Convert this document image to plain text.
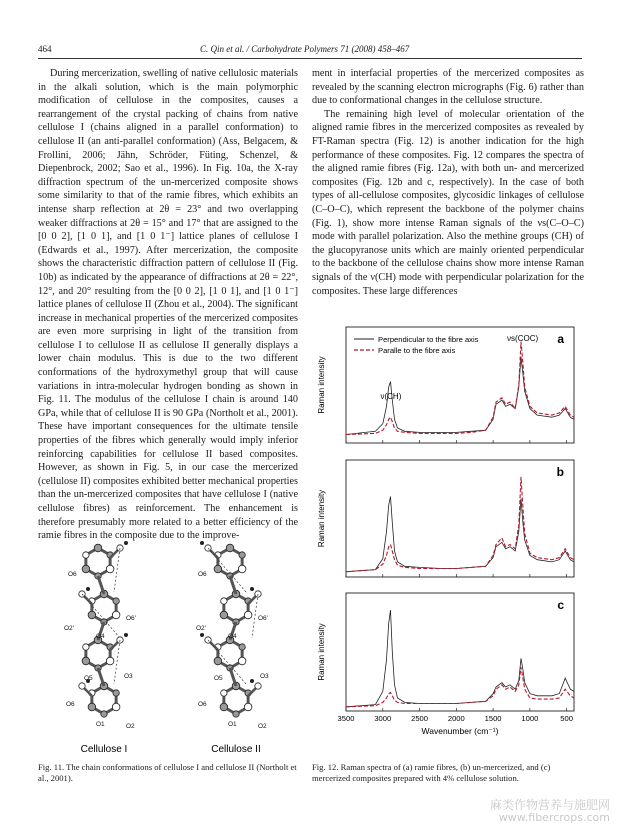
464	C. Qin et al. / Carbohydrate Polymers 71 (2008) 458–467

During mercerization, swelling of native cellulosic materials in the alkali solution, which is the main polymorphic modification of cellulose in the composites, causes a rearrangement of the crystal packing of chains from native cellulose I (chains aligned in a parallel conformation) to cellulose II (an anti-parallel conformation) (Ass, Belgacem, & Frollini, 2006; Jähn, Schröder, Füting, Schenzel, & Diepenbrock, 2002; Sao et al., 1996). In Fig. 10a, the X-ray diffraction spectrum of the un-mercerized composite shows some similarity to that of the ramie fibres, which exhibits an intense sharp reflection at 2θ = 23° and two overlapping weaker diffractions at 2θ = 15° and 17° that are assigned to the [0 0 2], [1 0 1], and [1 0 1⁻] lattice planes of cellulose I (Edwards et al., 1997). After mercerization, the composite shows the characteristic diffraction pattern of cellulose II (Fig. 10b) as indicated by the appearance of diffractions at 2θ = 22°, 12°, and 20° resulting from the [0 0 2], [1 0 1], and [1 0 1⁻] lattice planes of cellulose II (Zhou et al., 2004). The significant increase in mechanical properties of the mercerized composites are even more surprising in light of the transition from cellulose I to cellulose II as cellulose II generally displays a lower chain modulus. This is due to the two different conformations of the hydroxymethyl group that will cause variations in intra-molecular hydrogen bonding as shown in Fig. 11. The modulus of the cellulose I chain is around 140 GPa, while that of cellulose II is 90 GPa (Northolt et al., 2001). These have important consequences for the ultimate tensile properties of the fibres which generally would imply inferior reinforcing capabilities for cellulose II based composites. However, as shown in Fig. 5, in our case the mercerized (cellulose II) composites exhibited better mechanical properties than the un-mercerized composites that have cellulose I (native cellulose fibres) as reinforcement. The enhancement is therefore presumably more related to a better efficiency of the ramie fibres in the composite due to the improve-

ment in interfacial properties of the mercerized composites as revealed by the scanning electron micrographs (Fig. 6) rather than due to conformational changes in the cellulose structure.

The remaining high level of molecular orientation of the aligned ramie fibres in the mercerized composites as revealed by FT-Raman spectra (Fig. 12) is another indication for the high performance of these composites. Fig. 12 compares the spectra of the aligned ramie fibres (Fig. 12a), with both un- and mercerized composites (Fig. 12b and c, respectively). In the case of both types of all-cellulose composites, glycosidic linkages of cellulose (C–O–C), which represent the backbone of the polymer chains (Fig. 1), show more intense Raman signals of the νs(C–O–C) mode with parallel polarization. Also the methine groups (CH) of the glucopyranose units which are mainly oriented perpendicular to the backbone of the cellulose chains show more intense Raman signals of the ν(CH) mode with perpendicular polarization for the composites. These large differences

O6
O2'
O6'
O4
O5	O3
O6
O1	O2
O6
O2'
O6'
O4
O3
O5
O6
O1	O2
Cellulose I	Cellulose II
Fig. 11. The chain conformations of cellulose I and cellulose II (Northolt et al., 2001).
a
Raman intensity
Perpendicular to the fibre axis
Paralle to the fibre axis
ν(CH)
νs(COC)
b
Raman intensity
c
Raman intensity
3500	3000	2500	2000	1500	1000	500
Wavenumber (cm⁻¹)
Fig. 12. Raman spectra of (a) ramie fibres, (b) un-mercerized, and (c) mercerized composites prepared with 4% cellulose solution.
麻类作物营养与施肥网
www.fibercrops.com
